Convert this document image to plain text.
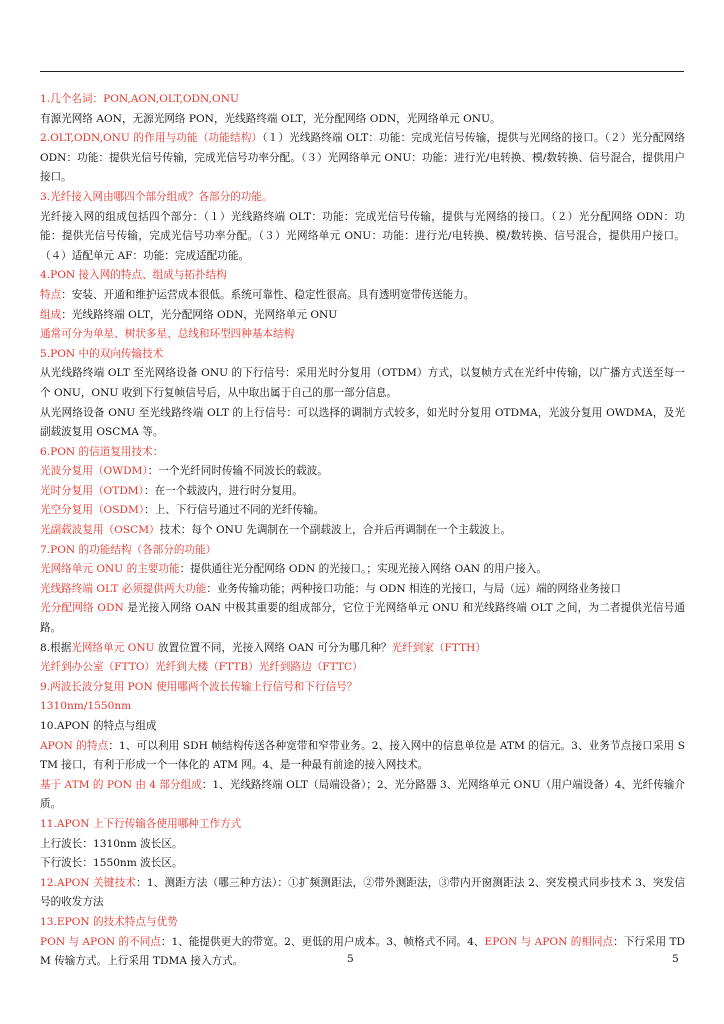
1.几个名词：PON,AON,OLT,ODN,ONU

有源光网络 AON，无源光网络 PON，光线路终端 OLT，光分配网络 ODN，光网络单元 ONU。

2.OLT,ODN,ONU 的作用与功能（功能结构）（１）光线路终端 OLT：功能：完成光信号传输，提供与光网络的接口。（２）光分配网络 ODN：功能：提供光信号传输，完成光信号功率分配。（３）光网络单元 ONU：功能：进行光/电转换、模/数转换、信号混合，提供用户接口。

3.光纤接入网由哪四个部分组成？各部分的功能。

光纤接入网的组成包括四个部分：（１）光线路终端 OLT：功能：完成光信号传输，提供与光网络的接口。（２）光分配网络 ODN：功能：提供光信号传输，完成光信号功率分配。（３）光网络单元 ONU：功能：进行光/电转换、模/数转换、信号混合，提供用户接口。（４）适配单元 AF：功能：完成适配功能。

4.PON 接入网的特点、组成与拓扑结构

特点：安装、开通和维护运营成本很低。系统可靠性、稳定性很高。具有透明宽带传送能力。

组成：光线路终端 OLT，光分配网络 ODN，光网络单元 ONU

通常可分为单星、树状多星、总线和环型四种基本结构

5.PON 中的双向传输技术

从光线路终端 OLT 至光网络设备 ONU 的下行信号：采用光时分复用（OTDM）方式，以复帧方式在光纤中传输，以广播方式送至每一个 ONU，ONU 收到下行复帧信号后，从中取出属于自己的那一部分信息。

从光网络设备 ONU 至光线路终端 OLT 的上行信号：可以选择的调制方式较多，如光时分复用 OTDMA，光波分复用 OWDMA，及光副载波复用 OSCMA 等。

6.PON 的信道复用技术：

光波分复用（OWDM）：一个光纤同时传输不同波长的载波。

光时分复用（OTDM）：在一个载波内，进行时分复用。

光空分复用（OSDM）：上、下行信号通过不同的光纤传输。

光副载波复用（OSCM）技术：每个 ONU 先调制在一个副载波上，合并后再调制在一个主载波上。

7.PON 的功能结构（各部分的功能）

光网络单元 ONU 的主要功能：提供通往光分配网络 ODN 的光接口。；实现光接入网络 OAN 的用户接入。

光线路终端 OLT 必须提供两大功能：业务传输功能；两种接口功能：与 ODN 相连的光接口，与局（远）端的网络业务接口

光分配网络 ODN 是光接入网络 OAN 中极其重要的组成部分，它位于光网络单元 ONU 和光线路终端 OLT 之间，为二者提供光信号通路。

8.根据光网络单元 ONU 放置位置不同，光接入网络 OAN 可分为哪几种？光纤到家（FTTH）

光纤到办公室（FTTO）光纤到大楼（FTTB）光纤到路边（FTTC）

9.两波长波分复用 PON 使用哪两个波长传输上行信号和下行信号？

1310nm/1550nm

10.APON 的特点与组成

APON 的特点：1、可以利用 SDH 帧结构传送各种宽带和窄带业务。2、接入网中的信息单位是 ATM 的信元。3、业务节点接口采用 STM 接口，有利于形成一个一体化的 ATM 网。4、是一种最有前途的接入网技术。

基于 ATM 的 PON 由 4 部分组成：1、光线路终端 OLT（局端设备）；2、光分路器 3、光网络单元 ONU（用户端设备）4、光纤传输介质。

11.APON 上下行传输各使用哪种工作方式

上行波长：1310nm 波长区。

下行波长：1550nm 波长区。

12.APON 关键技术：1、测距方法（哪三种方法）：①扩频测距法，②带外测距法，③带内开窗测距法 2、突发模式同步技术 3、突发信号的收发方法

13.EPON 的技术特点与优势

PON 与 APON 的不同点：1、能提供更大的带宽。2、更低的用户成本。3、帧格式不同。4、EPON 与 APON 的相同点：下行采用 TDM 传输方式。上行采用 TDMA 接入方式。	5	5
